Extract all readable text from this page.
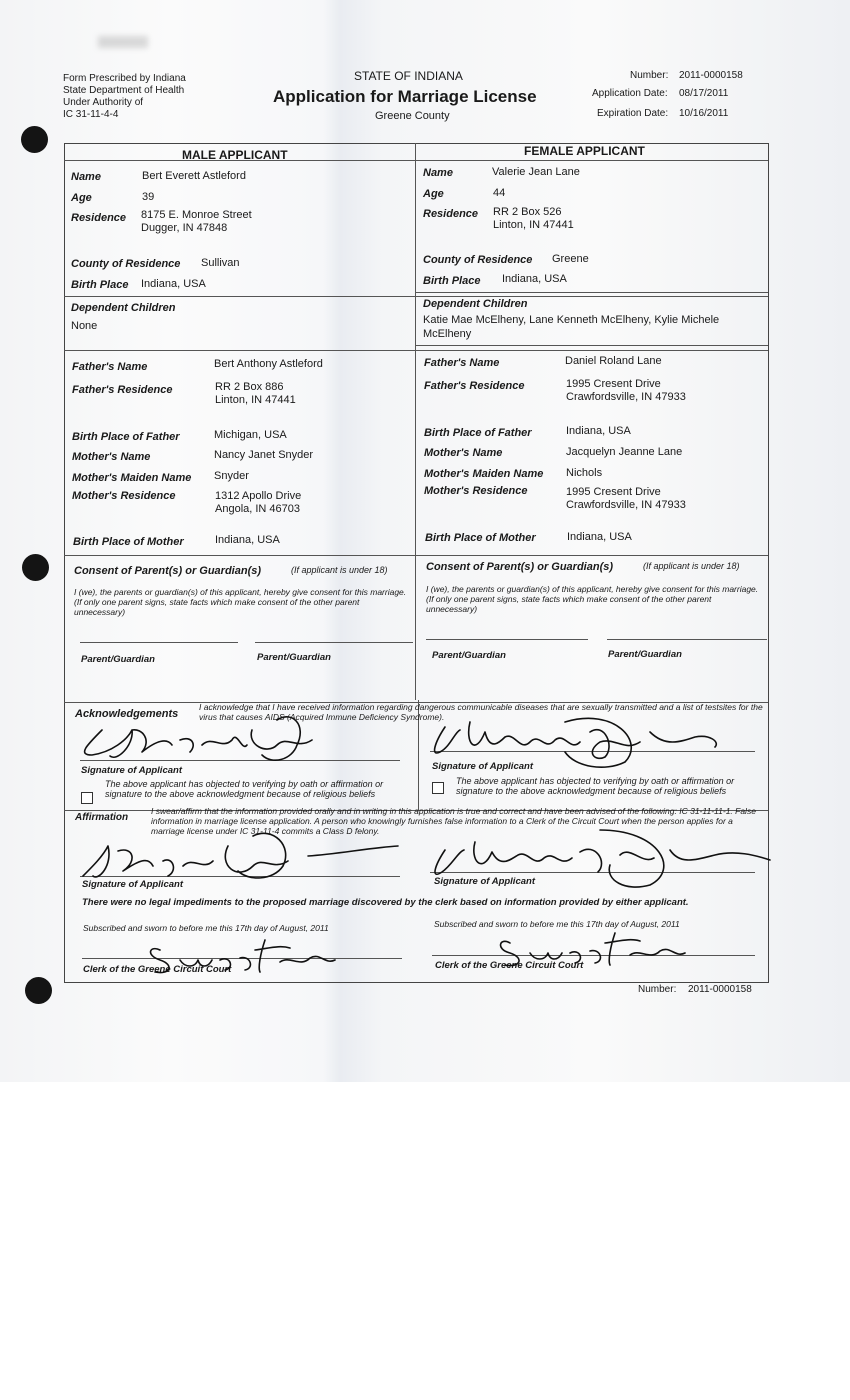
Form Prescribed by Indiana
State Department of Health
Under Authority of
IC 31-11-4-4
STATE OF INDIANA
Application for Marriage License
Greene County
Number: 2011-0000158
Application Date: 08/17/2011
Expiration Date: 10/16/2011
MALE APPLICANT	FEMALE APPLICANT
Name	Bert Everett Astleford
Age	39
Residence 8175 E. Monroe Street
Dugger, IN 47848
County of Residence Sullivan
Birth Place Indiana, USA
Dependent Children
None
Father's Name	Bert Anthony Astleford
Father's Residence	RR 2 Box 886
Linton, IN 47441
Birth Place of Father	Michigan, USA
Mother's Name	Nancy Janet Snyder
Mother's Maiden Name Snyder
Mother's Residence	1312 Apollo Drive
Angola, IN 46703
Birth Place of Mother	Indiana, USA
Name	Valerie Jean Lane
Age	44
Residence RR 2 Box 526
Linton, IN 47441
County of Residence Greene
Birth Place Indiana, USA
Dependent Children
Katie Mae McElheny, Lane Kenneth McElheny, Kylie Michele
McElheny
Father's Name	Daniel Roland Lane
Father's Residence	1995 Cresent Drive
Crawfordsville, IN 47933
Birth Place of Father	Indiana, USA
Mother's Name	Jacquelyn Jeanne Lane
Mother's Maiden Name Nichols
Mother's Residence	1995 Cresent Drive
Crawfordsville, IN 47933
Birth Place of Mother	Indiana, USA
Consent of Parent(s) or Guardian(s)	(If applicant is under 18)
I (we), the parents or guardian(s) of this applicant, hereby give consent for this marriage. (If only one parent signs, state facts which make consent of the other parent unnecessary)
Parent/Guardian	Parent/Guardian
Consent of Parent(s) or Guardian(s)	(If applicant is under 18)
I (we), the parents or guardian(s) of this applicant, hereby give consent for this marriage. (If only one parent signs, state facts which make consent of the other parent unnecessary)
Parent/Guardian	Parent/Guardian
Acknowledgements
I acknowledge that I have received information regarding dangerous communicable diseases that are sexually transmitted and a list of testsites for the virus that causes AIDS (Acquired Immune Deficiency Syndrome).
Signature of Applicant
The above applicant has objected to verifying by oath or affirmation or signature to the above acknowledgment because of religious beliefs
Signature of Applicant
The above applicant has objected to verifying by oath or affirmation or signature to the above acknowledgment because of religious beliefs
Affirmation
I swear/affirm that the information provided orally and in writing in this application is true and correct and have been advised of the following: IC 31-11-11-1. False information in marriage license application. A person who knowingly furnishes false information to a Clerk of the Circuit Court when the person applies for a marriage license under IC 31-11-4 commits a Class D felony.
Signature of Applicant	Signature of Applicant
There were no legal impediments to the proposed marriage discovered by the clerk based on information provided by either applicant.
Subscribed and sworn to before me this 17th day of August, 2011	Subscribed and sworn to before me this 17th day of August, 2011
Clerk of the Greene Circuit Court	Clerk of the Greene Circuit Court
Number: 2011-0000158
